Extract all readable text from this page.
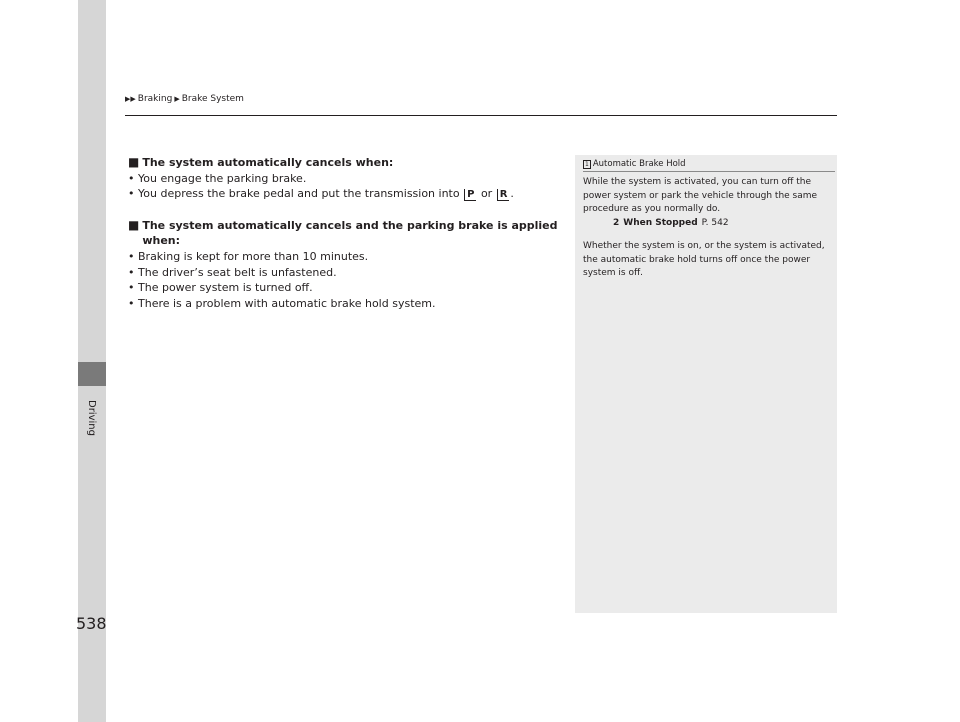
Driving
▶▶ Braking ▶ Brake System
■ The system automatically cancels when:
• You engage the parking brake.
• You depress the brake pedal and put the transmission into P or R .
■ The system automatically cancels and the parking brake is applied when:
• Braking is kept for more than 10 minutes.
• The driver’s seat belt is unfastened.
• The power system is turned off.
• There is a problem with automatic brake hold system.
1 Automatic Brake Hold
While the system is activated, you can turn off the power system or park the vehicle through the same procedure as you normally do.
2 When Stopped P. 542
Whether the system is on, or the system is activated, the automatic brake hold turns off once the power system is off.
538
